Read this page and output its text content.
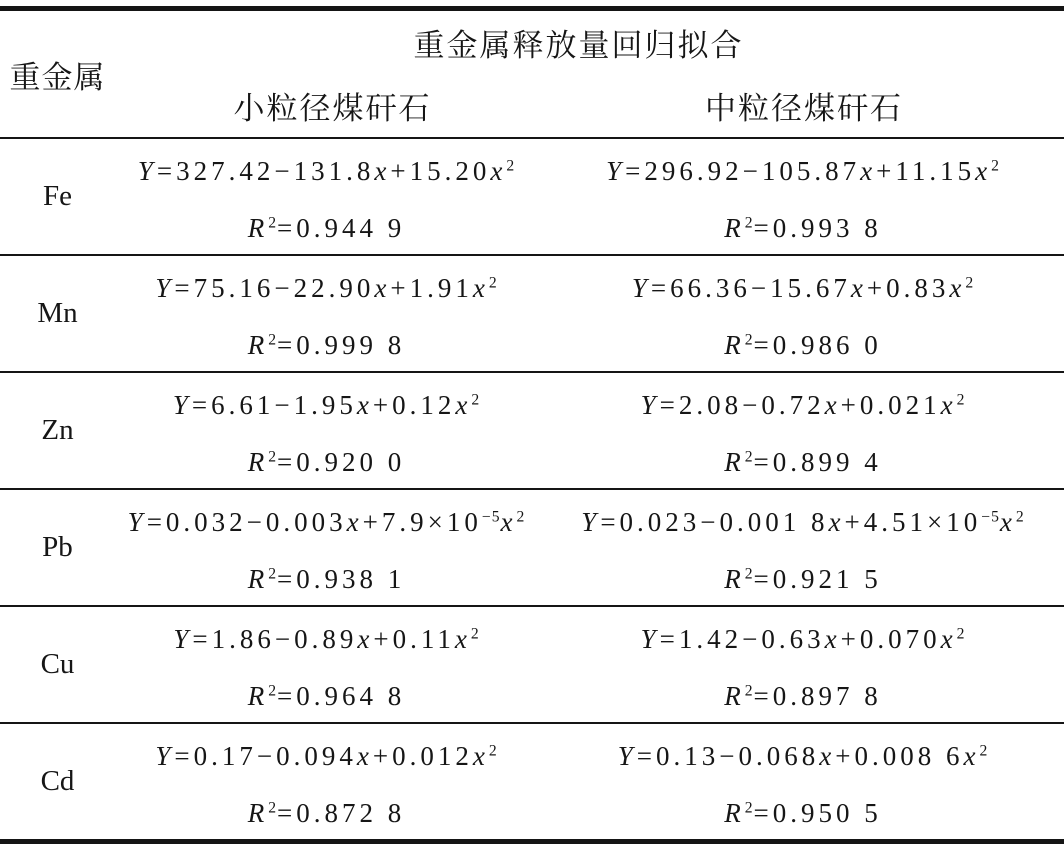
重金属
重金属释放量回归拟合
小粒径煤矸石	中粒径煤矸石
Fe
$Y=327.42-131.8x+15.20x^2$
$R^2=0.944$ 9
$Y=296.92-105.87x+11.15x^2$
$R^2=0.993$ 8
Mn
$Y=75.16-22.90x+1.91x^2$
$R^2=0.999$ 8
$Y=66.36-15.67x+0.83x^2$
$R^2=0.986$ 0
Zn
$Y=6.61-1.95x+0.12x^2$
$R^2=0.920$ 0
$Y=2.08-0.72x+0.021x^2$
$R^2=0.899$ 4
Pb
$Y=0.032-0.003x+7.9\times 10^{-5}x^2$
$R^2=0.938$ 1
Y=0.023−0.001 $8x+4.51\times 10^{-5}x^2$
$R^2=0.921$ 5
Cu
$Y=1.86-0.89x+0.11x^2$
$R^2=0.964$ 8
$Y=1.42-0.63x+0.070x^2$
$R^2=0.897$ 8
Cd
$Y=0.17-0.094x+0.012x^2$
$R^2=0.872$ 8
Y=0.13−0.068x+0.008 $6x^2$
$R^2=0.950$ 5
